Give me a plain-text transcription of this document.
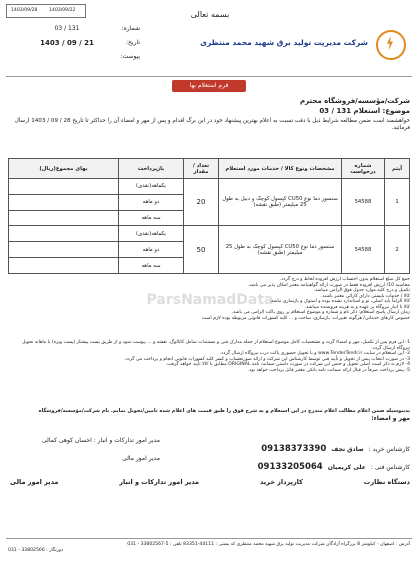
1403/09/28	1403/09/22	بسمه تعالی
شرکت مدیریت تولید برق شهید محمد منتظری
شماره:
تاریخ:
پیوست:
03 / 131
1403 / 09 / 21
فرم استعلام بها
شرکت/مؤسسه/فروشگاه محترم
موضوع: استعلام 131 / 03
خواهشمند است ضمن مطالعه شرایط ذیل با دقت نسبت به اعلام بهترین پیشنهاد خود در این برگ اقدام و پس از مهر و امضاء آن را حداکثر تا تاریخ 28 / 09 / 1403 ارسال فرمائید.
آیتم	شماره درخواست	مشخصات ونوع کالا / خدمات مورد استعلام	تعداد / مقدار	بازپرداخت	بهای مجموع(ریال)
1	54588	سنسور دما نوع CU50 کپسول کوچک و دبیل به طول 25 میلیمتر (طبق نقشه)	20	یکماهه(نقدی)	
				دو ماهه	
				سه ماهه	
2	54588	سنسور دما نوع CU50 کپسول کوچک به طول 25 میلیمتر (طبق نقشه)	50	یکماهه(نقدی)	
				دو ماهه	
				سه ماهه	
ParsNamadData
جمع کل مبلغ استعلام بدون احتساب ارزش افزوده لحاظ و درج گردد.
محاسبه 10/ ارزش افزوده فقط در صورت ارائه گواهینامه معتبر امکان پذیر می باشد.
تکمیل و درج کلیه موارد جدول فوق الزامی میباشد.
کالا / خدمات بایستی دارای کارائی معتبر باشند.
کالا الزاماً باید اصلی، نو و استاندارد نشده بوده و استوک و بازسازی نباشد.
کالا تا انبار نیروگاه بر عهده و به هزینه فروشنده میباشد.
زمان ارسال پاسخ استعلام: ذکر نام و شماره و موضوع استعلام بر روی پاکت الزامی می باشد.
خصوص کارهای خدماتی/ هرگونه تغییرات، بازسازی، ساخت و ... کلیه کسورات قانونی مربوطه بوده لازم است
1- این فرم پس از تکمیل، مهر و امضاء گردد و مشخصات کامل موضوع استعلام از جمله مدارک فنی و مستندات شامل کاتالوگ، نقشه و ... پیوست شود و از طریق پست پیشتاز (پست ویژه) یا ماهانه تحویل نیروگاه ارسال گردد.
2- این استعلام در سایت www.TenderTendr.ir و یا تحویل حضوری پاکت درب نیروگاه ارسال گردد.
3- در صورت انتخاب پیش از تحویل و تأیید فنی توسط کارشناس این شرکت و ارائه صورتحساب و کسر کلیه کسورات قانونی انجام و پرداخت می گردد.
4- لازم به ذکر است اصلی تحویل و جنس این شرکت در صورت داشتن ضمانت نامه ORIGINAL مطابق با کالا تأیید خواهد گرفت.
5- پیش پرداخت صرفاً در قبال ارائه ضمانت نامه بانکی معتبر قابل پرداخت خواهد بود.
بدینوسیله ضمن اعلام مطالب اعلام مندرج در این استعلام و به شرح فوق را طبق قیمت های اعلام شده تامین/تحویل نمایم. نام شرکت/مؤسسه/فروشگاه
مهر و امضاء:
کارشناس خرید : صادق نجف 09138373390
کارشناس فنی : علی کریمیان 09133205064
مدیر امور تدارکات و انبار : احسان کوهی کمالی
مدیر امور مالی
دستگاه نظارت
کارپرداز خرید
مدیر امور تدارکات و انبار
مدیر امور مالی
آدرس : اصفهان - کیلومتر 8 بزرگراه آزادگان شرکت مدیریت تولید برق شهید محمد منتظری کد پستی : 44111-83351 تلفن : 5-33802567 - 031
دورنگار : 33802566 - 031
